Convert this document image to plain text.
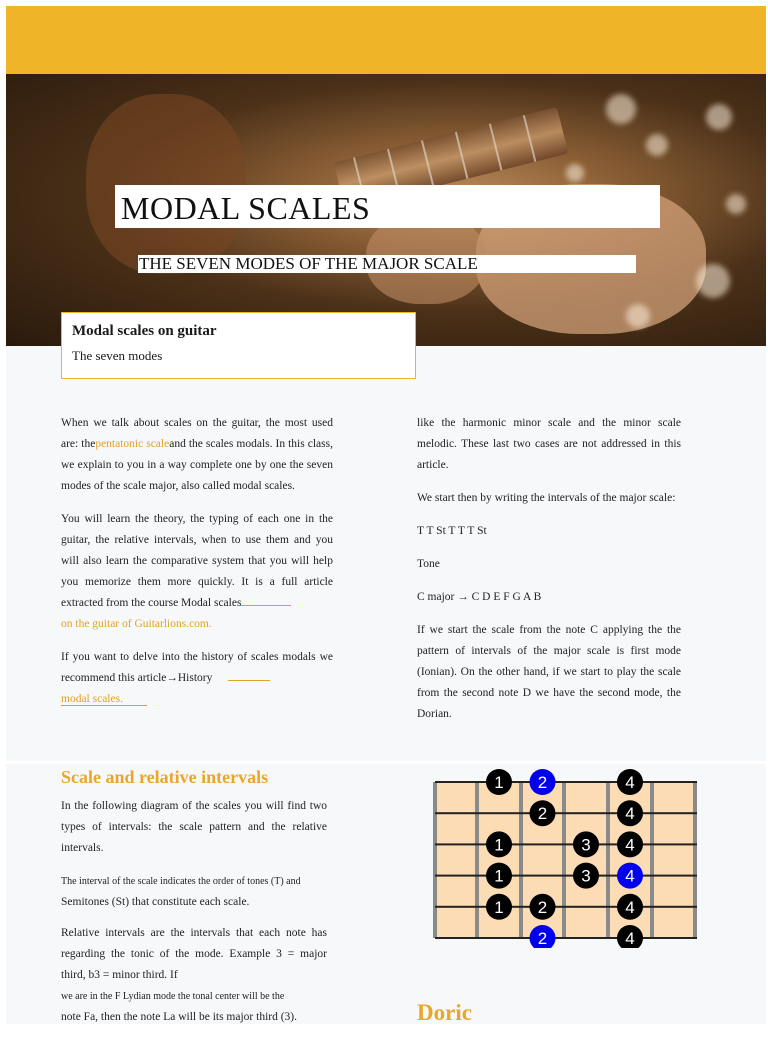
MODAL SCALES
THE SEVEN MODES OF THE MAJOR SCALE
Modal scales on guitar

The seven modes

When we talk about scales on the guitar, the most used are: thepentatonic scaleand the scales modals. In this class, we explain to you in a way complete one by one the seven modes of the scale major, also called modal scales.

You will learn the theory, the typing of each one in the guitar, the relative intervals, when to use them and you will also learn the comparative system that you will help you memorize them more quickly. It is a full article extracted from the course Modal scales
on the guitar of Guitarlions.com.

If you want to delve into the history of scales modals we recommend this article→History
modal scales.

like the harmonic minor scale and the minor scale melodic. These last two cases are not addressed in this article.

We start then by writing the intervals of the major scale:

T T St T T T St

Tone

C major → C D E F G A B

If we start the scale from the note C applying the the pattern of intervals of the major scale is first mode (Ionian). On the other hand, if we start to play the scale from the second note D we have the second mode, the Dorian.

Scale and relative intervals

In the following diagram of the scales you will find two types of intervals: the scale pattern and the relative intervals.

The interval of the scale indicates the order of tones (T) and
Semitones (St) that constitute each scale.

Relative intervals are the intervals that each note has regarding the tonic of the mode. Example 3 = major third, b3 = minor third. If
we are in the F Lydian mode the tonal center will be the
note Fa, then the note La will be its major third (3).

1 2	4
2	4
1	3 4
1	3 4
1 2	4
2	4
Doric
